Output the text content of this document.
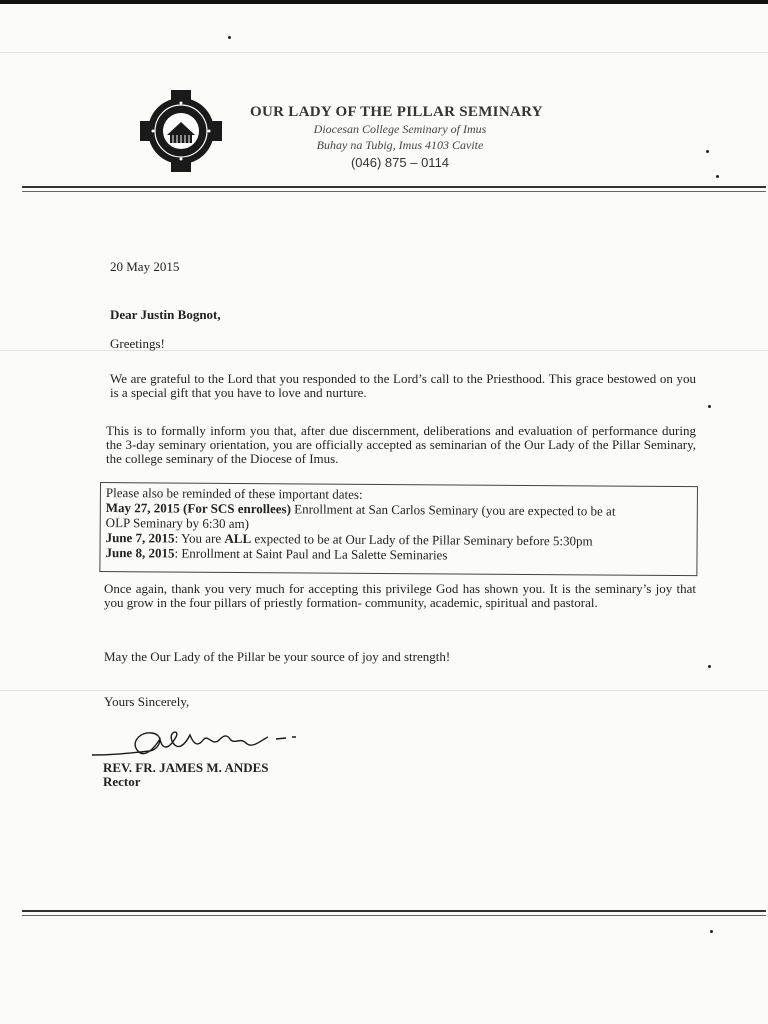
OUR LADY OF THE PILLAR SEMINARY
Diocesan College Seminary of Imus
Buhay na Tubig, Imus 4103 Cavite
(046) 875 – 0114
20 May 2015
Dear Justin Bognot,
Greetings!
We are grateful to the Lord that you responded to the Lord’s call to the Priesthood. This grace bestowed on you is a special gift that you have to love and nurture.
This is to formally inform you that, after due discernment, deliberations and evaluation of performance during the 3-day seminary orientation, you are officially accepted as seminarian of the Our Lady of the Pillar Seminary, the college seminary of the Diocese of Imus.
Please also be reminded of these important dates:
May 27, 2015 (For SCS enrollees) Enrollment at San Carlos Seminary (you are expected to be at
OLP Seminary by 6:30 am)
June 7, 2015: You are ALL expected to be at Our Lady of the Pillar Seminary before 5:30pm
June 8, 2015: Enrollment at Saint Paul and La Salette Seminaries
Once again, thank you very much for accepting this privilege God has shown you. It is the seminary’s joy that you grow in the four pillars of priestly formation- community, academic, spiritual and pastoral.
May the Our Lady of the Pillar be your source of joy and strength!
Yours Sincerely,
REV. FR. JAMES M. ANDES
Rector
